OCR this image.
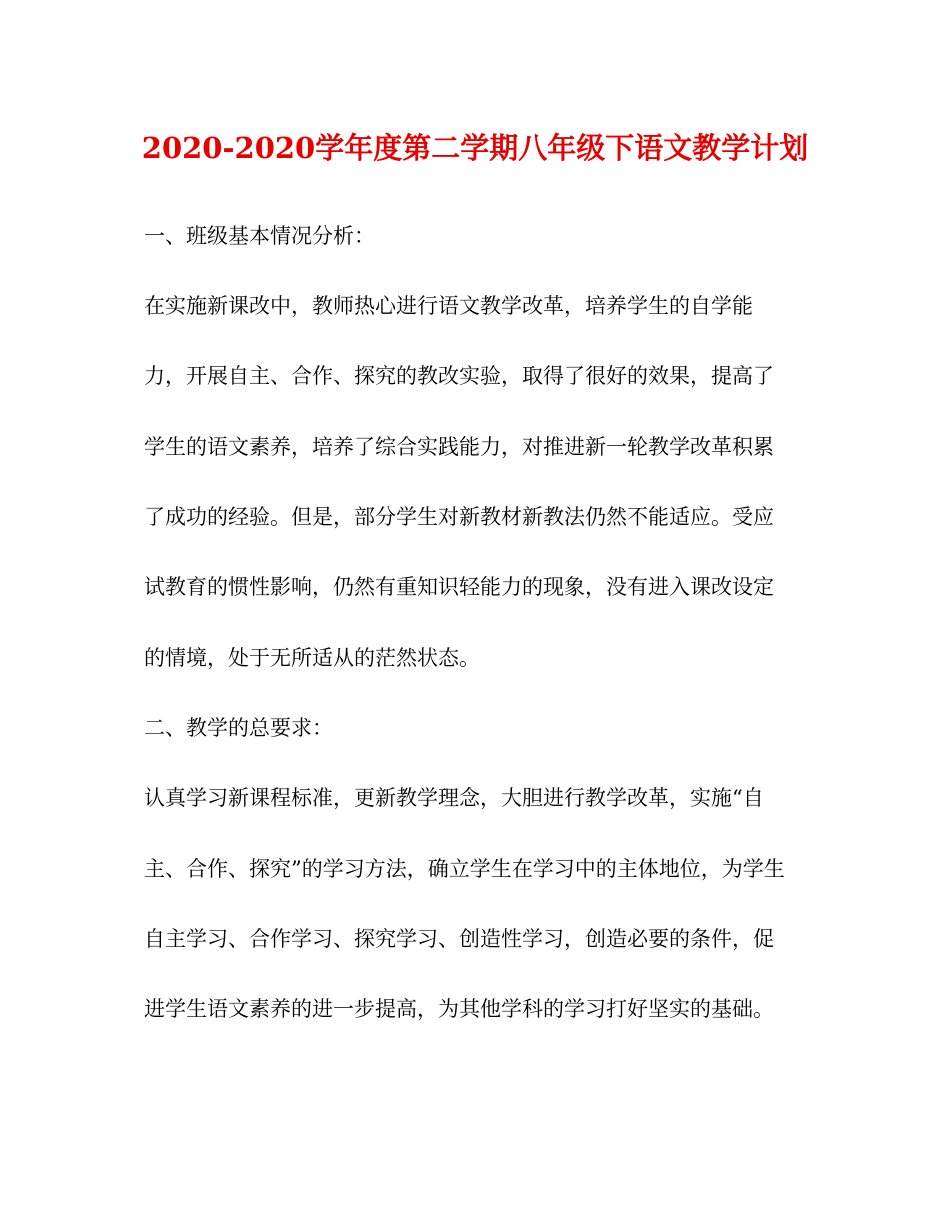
2020-2020学年度第二学期八年级下语文教学计划
一、班级基本情况分析：
在实施新课改中，教师热心进行语文教学改革，培养学生的自学能
力，开展自主、合作、探究的教改实验，取得了很好的效果，提高了
学生的语文素养，培养了综合实践能力，对推进新一轮教学改革积累
了成功的经验。但是，部分学生对新教材新教法仍然不能适应。受应
试教育的惯性影响，仍然有重知识轻能力的现象，没有进入课改设定
的情境，处于无所适从的茫然状态。
二、教学的总要求：
认真学习新课程标准，更新教学理念，大胆进行教学改革，实施“自
主、合作、探究”的学习方法，确立学生在学习中的主体地位，为学生
自主学习、合作学习、探究学习、创造性学习，创造必要的条件，促
进学生语文素养的进一步提高，为其他学科的学习打好坚实的基础。
